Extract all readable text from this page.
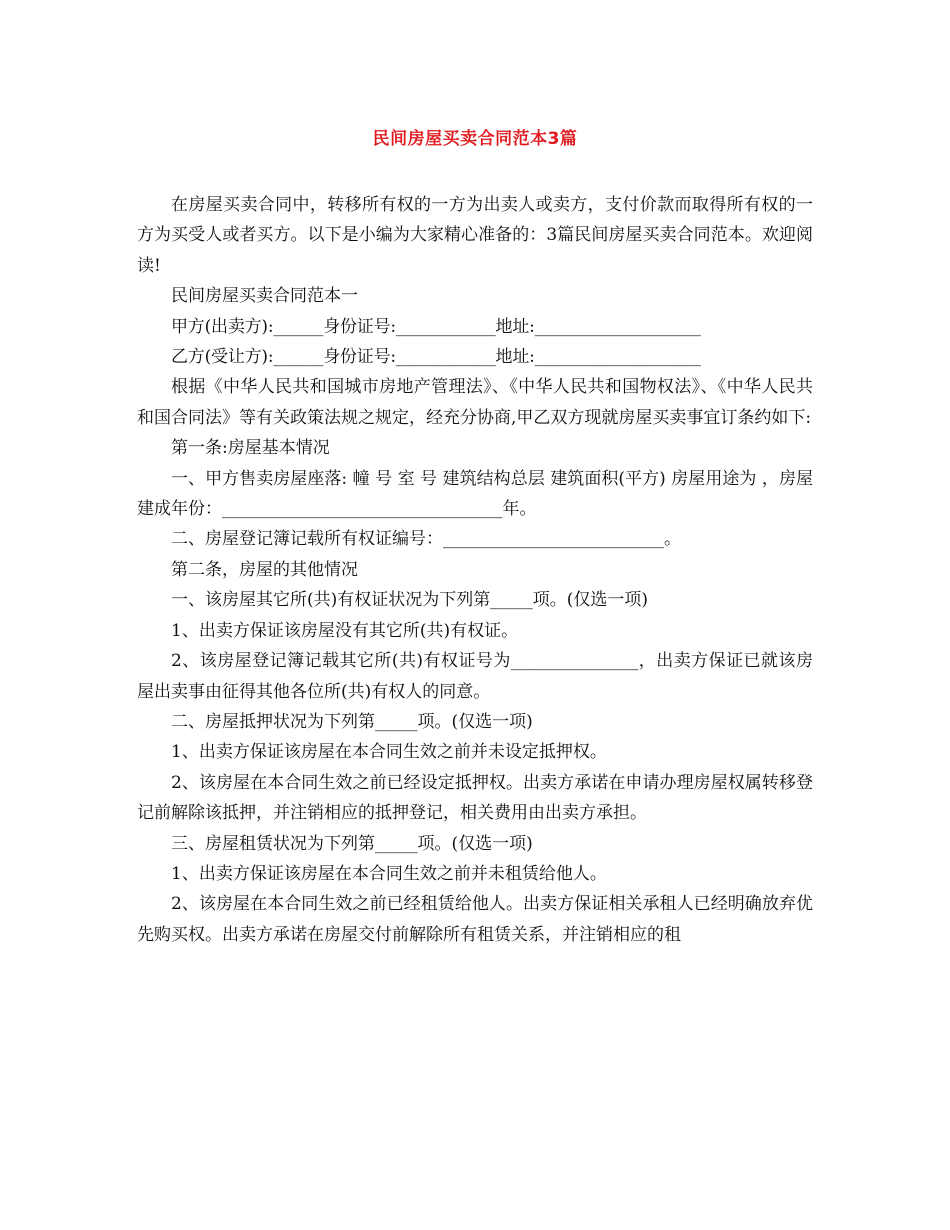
民间房屋买卖合同范本3篇

在房屋买卖合同中，转移所有权的一方为出卖人或卖方，支付价款而取得所有权的一方为买受人或者买方。以下是小编为大家精心准备的：3篇民间房屋买卖合同范本。欢迎阅读!

民间房屋买卖合同范本一

甲方(出卖方):______身份证号:____________地址:____________________

乙方(受让方):______身份证号:____________地址:____________________

根据《中华人民共和国城市房地产管理法》、《中华人民共和国物权法》、《中华人民共和国合同法》等有关政策法规之规定，经充分协商,甲乙双方现就房屋买卖事宜订条约如下:

第一条:房屋基本情况

一、甲方售卖房屋座落: 幢 号 室 号 建筑结构总层 建筑面积(平方) 房屋用途为 ，房屋建成年份：_________________________________年。

二、房屋登记簿记载所有权证编号：__________________________。

第二条，房屋的其他情况

一、该房屋其它所(共)有权证状况为下列第_____项。(仅选一项)

1、出卖方保证该房屋没有其它所(共)有权证。

2、该房屋登记簿记载其它所(共)有权证号为_______________，出卖方保证已就该房屋出卖事由征得其他各位所(共)有权人的同意。

二、房屋抵押状况为下列第_____项。(仅选一项)

1、出卖方保证该房屋在本合同生效之前并未设定抵押权。

2、该房屋在本合同生效之前已经设定抵押权。出卖方承诺在申请办理房屋权属转移登记前解除该抵押，并注销相应的抵押登记，相关费用由出卖方承担。

三、房屋租赁状况为下列第_____项。(仅选一项)

1、出卖方保证该房屋在本合同生效之前并未租赁给他人。

2、该房屋在本合同生效之前已经租赁给他人。出卖方保证相关承租人已经明确放弃优先购买权。出卖方承诺在房屋交付前解除所有租赁关系，并注销相应的租
